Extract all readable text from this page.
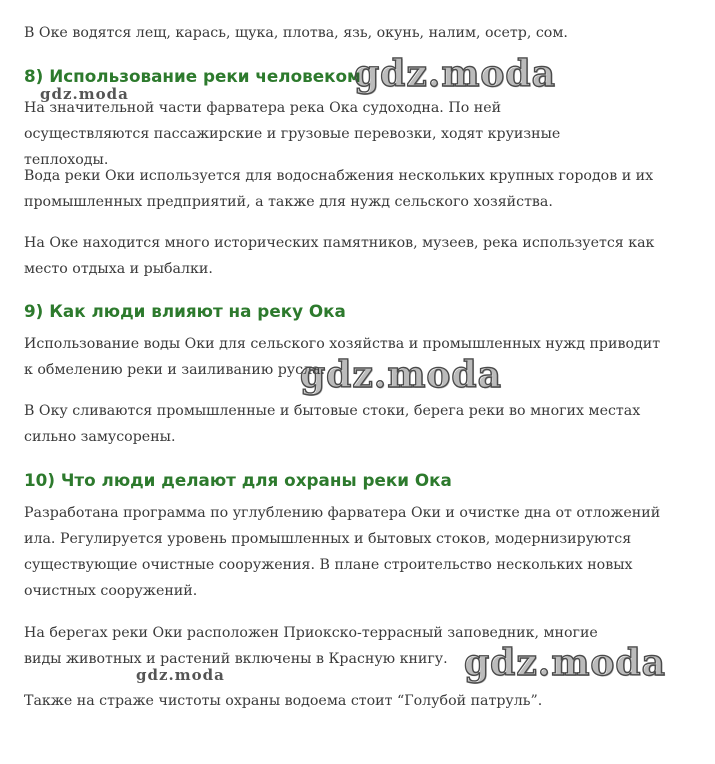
В Оке водятся лещ, карась, щука, плотва, язь, окунь, налим, осетр, сом.

8) Использование реки человеком

На значительной части фарватера река Ока судоходна. По ней осуществляются пассажирские и грузовые перевозки, ходят круизные теплоходы.

Вода реки Оки используется для водоснабжения нескольких крупных городов и их промышленных предприятий, а также для нужд сельского хозяйства.

На Оке находится много исторических памятников, музеев, река используется как место отдыха и рыбалки.

9) Как люди влияют на реку Ока

Использование воды Оки для сельского хозяйства и промышленных нужд приводит к обмелению реки и заиливанию русла.

В Оку сливаются промышленные и бытовые стоки, берега реки во многих местах сильно замусорены.

10) Что люди делают для охраны реки Ока

Разработана программа по углублению фарватера Оки и очистке дна от отложений ила. Регулируется уровень промышленных и бытовых стоков, модернизируются существующие очистные сооружения. В плане строительство нескольких новых очистных сооружений.

На берегах реки Оки расположен Приокско-террасный заповедник, многие виды животных и растений включены в Красную книгу.

Также на страже чистоты охраны водоема стоит “Голубой патруль”.

gdz.moda
gdz.moda
gdz.moda
gdz.moda
gdz.moda
